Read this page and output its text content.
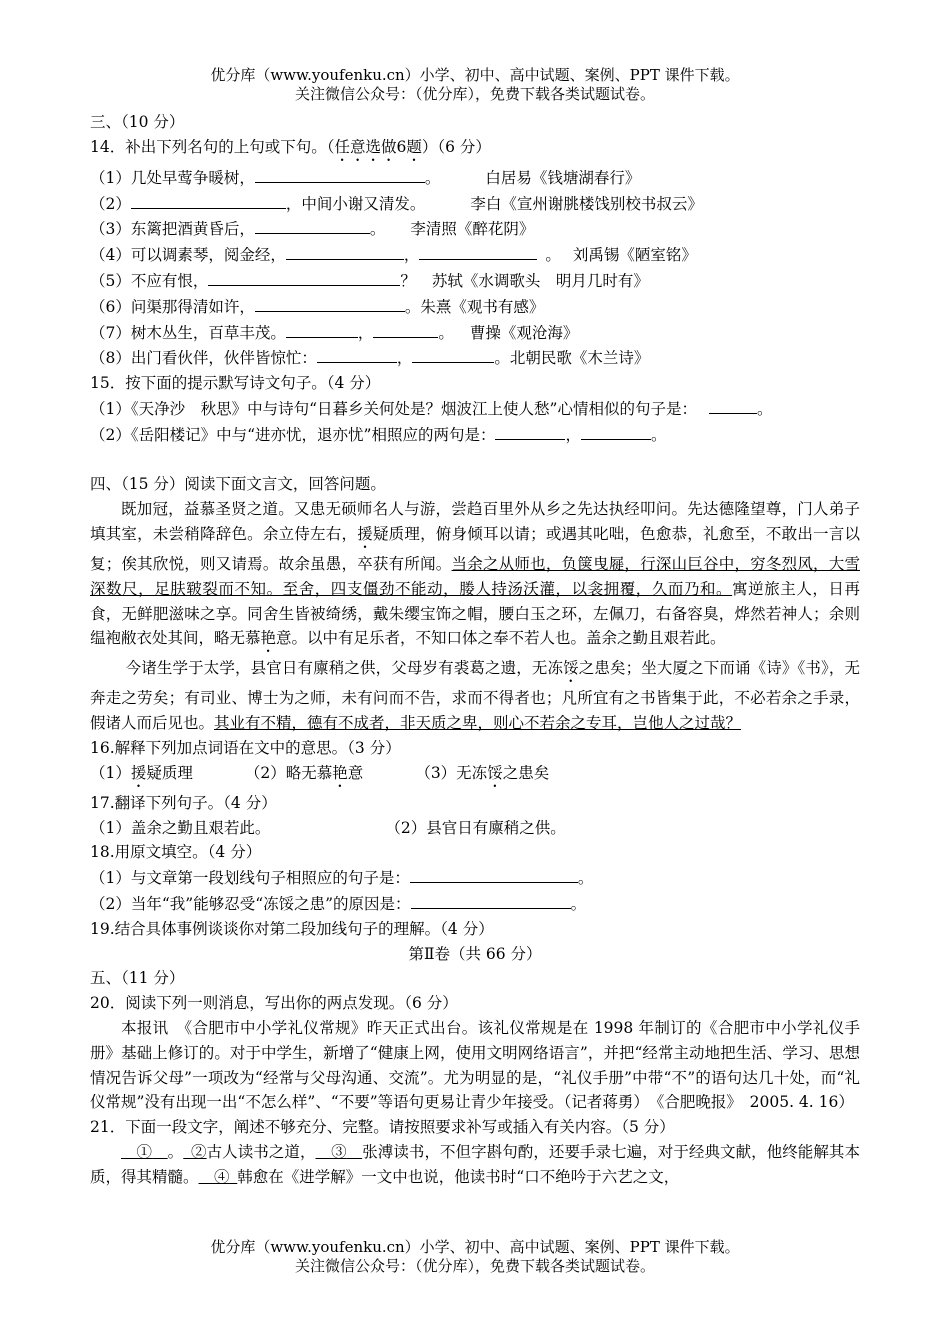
优分库（www.youfenku.cn）小学、初中、高中试题、案例、PPT 课件下载。
关注微信公众号：（优分库），免费下载各类试题试卷。
三、（10 分）
14．补出下列名句的上句或下句。（任意选做6题）（6 分）
（1）几处早莺争暖树，	。	白居易《钱塘湖春行》
（2）	，中间小谢又清发。	李白《宣州谢朓楼饯别校书叔云》
（3）东篱把酒黄昏后，	。 李清照《醉花阴》
（4）可以调素琴，阅金经，	，	。 刘禹锡《陋室铭》
（5）不应有恨，	？ 苏轼《水调歌头　明月几时有》
（6）问渠那得清如许，	。朱熹《观书有感》
（7）树木丛生，百草丰茂。	，	。 曹操《观沧海》
（8）出门看伙伴，伙伴皆惊忙：	，	。北朝民歌《木兰诗》
15．按下面的提示默写诗文句子。（4 分）
（1）《天净沙　秋思》中与诗句“日暮乡关何处是？烟波江上使人愁”心情相似的句子是：	。
（2）《岳阳楼记》中与“进亦忧，退亦忧”相照应的两句是：	，	。
四、（15 分）阅读下面文言文，回答问题。
既加冠，益慕圣贤之道。又患无硕师名人与游，尝趋百里外从乡之先达执经叩问。先达德隆望尊，门人弟子填其室，未尝稍降辞色。余立侍左右，援疑质理，俯身倾耳以请；或遇其叱咄，色愈恭，礼愈至，不敢出一言以复；俟其欣悦，则又请焉。故余虽愚，卒获有所闻。当余之从师也，负箧曳屣，行深山巨谷中，穷冬烈风，大雪深数尺，足肤皲裂而不知。至舍，四支僵劲不能动，媵人持汤沃灌，以衾拥覆，久而乃和。寓逆旅主人，日再食，无鲜肥滋味之享。同舍生皆被绮绣，戴朱缨宝饰之帽，腰白玉之环，左佩刀，右备容臭，烨然若神人；余则缊袍敝衣处其间，略无慕艳意。以中有足乐者，不知口体之奉不若人也。盖余之勤且艰若此。
今诸生学于太学，县官日有廪稍之供，父母岁有裘葛之遗，无冻馁之患矣；坐大厦之下而诵《诗》《书》，无奔走之劳矣；有司业、博士为之师，未有问而不告，求而不得者也；凡所宜有之书皆集于此，不必若余之手录，假诸人而后见也。其业有不精，德有不成者，非天质之卑，则心不若余之专耳，岂他人之过哉？
16.解释下列加点词语在文中的意思。（3 分）
（1）援疑质理	（2）略无慕艳意	（3）无冻馁之患矣
17.翻译下列句子。（4 分）
（1）盖余之勤且艰若此。	（2）县官日有廪稍之供。
18.用原文填空。（4 分）
（1）与文章第一段划线句子相照应的句子是：	。
（2）当年“我”能够忍受“冻馁之患”的原因是：	。
19.结合具体事例谈谈你对第二段加线句子的理解。（4 分）
第Ⅱ卷（共 66 分）
五、（11 分）
20．阅读下列一则消息，写出你的两点发现。（6 分）
本报讯　《合肥市中小学礼仪常规》昨天正式出台。该礼仪常规是在 1998 年制订的《合肥市中小学礼仪手册》基础上修订的。对于中学生，新增了“健康上网，使用文明网络语言”，并把“经常主动地把生活、学习、思想情况告诉父母”一项改为“经常与父母沟通、交流”。尤为明显的是，“礼仪手册”中带“不”的语句达几十处，而“礼仪常规”没有出现一出“不怎么样”、“不要”等语句更易让青少年接受。（记者蒋勇）　《合肥晚报》　2005. 4. 16）
21．下面一段文字，阐述不够充分、完整。请按照要求补写或插入有关内容。（5 分）
 ①  。  ②古人读书之道，  ③  张溥读书，不但字斟句酌，还要手录七遍，对于经典文献，他终能解其本质，得其精髓。  ④  韩愈在《进学解》一文中也说，他读书时“口不绝吟于六艺之文，
优分库（www.youfenku.cn）小学、初中、高中试题、案例、PPT 课件下载。
关注微信公众号：（优分库），免费下载各类试题试卷。
